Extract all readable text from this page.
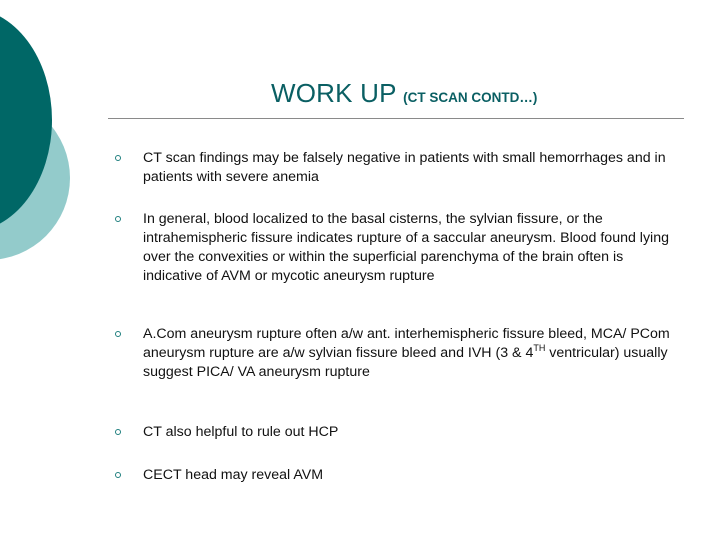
WORK UP (CT SCAN CONTD…)
CT scan findings may be falsely negative in patients with small hemorrhages and in patients with severe anemia
In general, blood localized to the basal cisterns, the sylvian fissure, or the intrahemispheric fissure indicates rupture of a saccular aneurysm. Blood found lying over the convexities or within the superficial parenchyma of the brain often is indicative of AVM or mycotic aneurysm rupture
A.Com aneurysm rupture often a/w ant. interhemispheric fissure bleed, MCA/ PCom aneurysm rupture are a/w sylvian fissure bleed and IVH (3 & 4TH ventricular) usually suggest PICA/ VA aneurysm rupture
CT also helpful to rule out HCP
CECT head may reveal AVM
